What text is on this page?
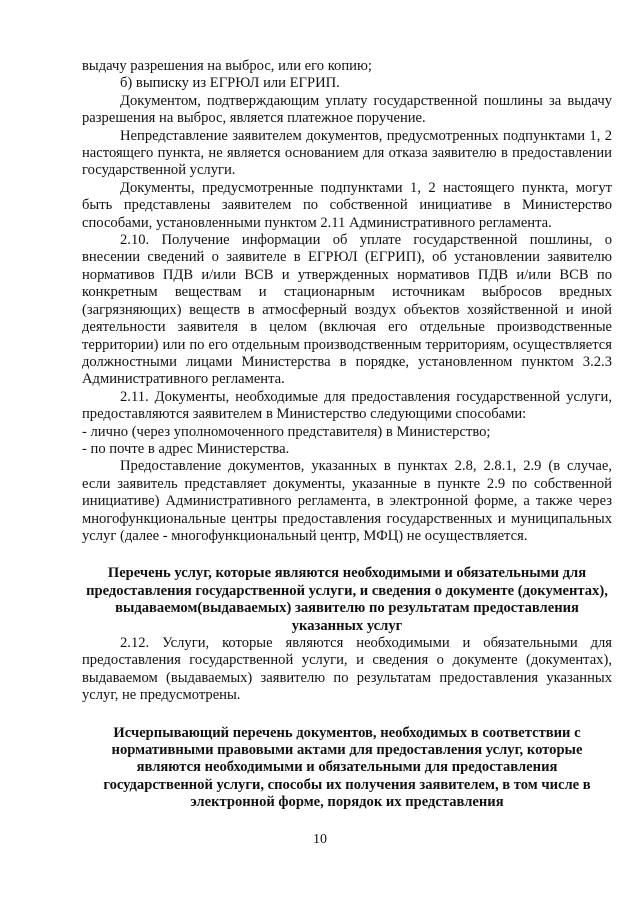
выдачу разрешения на выброс, или его копию;

б) выписку из ЕГРЮЛ или ЕГРИП.

Документом, подтверждающим уплату государственной пошлины за выдачу разрешения на выброс, является платежное поручение.

Непредставление заявителем документов, предусмотренных подпунктами 1, 2 настоящего пункта, не является основанием для отказа заявителю в предоставлении государственной услуги.

Документы, предусмотренные подпунктами 1, 2 настоящего пункта, могут быть представлены заявителем по собственной инициативе в Министерство способами, установленными пунктом 2.11 Административного регламента.

2.10. Получение информации об уплате государственной пошлины, о внесении сведений о заявителе в ЕГРЮЛ (ЕГРИП), об установлении заявителю нормативов ПДВ и/или ВСВ и утвержденных нормативов ПДВ и/или ВСВ по конкретным веществам и стационарным источникам выбросов вредных (загрязняющих) веществ в атмосферный воздух объектов хозяйственной и иной деятельности заявителя в целом (включая его отдельные производственные территории) или по его отдельным производственным территориям, осуществляется должностными лицами Министерства в порядке, установленном пунктом 3.2.3 Административного регламента.

2.11. Документы, необходимые для предоставления государственной услуги, предоставляются заявителем в Министерство следующими способами:

- лично (через уполномоченного представителя) в Министерство;

- по почте в адрес Министерства.

Предоставление документов, указанных в пунктах 2.8, 2.8.1, 2.9 (в случае, если заявитель представляет документы, указанные в пункте 2.9 по собственной инициативе) Административного регламента, в электронной форме, а также через многофункциональные центры предоставления государственных и муниципальных услуг (далее - многофункциональный центр, МФЦ) не осуществляется.

Перечень услуг, которые являются необходимыми и обязательными для предоставления государственной услуги, и сведения о документе (документах), выдаваемом(выдаваемых) заявителю по результатам предоставления указанных услуг

2.12. Услуги, которые являются необходимыми и обязательными для предоставления государственной услуги, и сведения о документе (документах), выдаваемом (выдаваемых) заявителю по результатам предоставления указанных услуг, не предусмотрены.

Исчерпывающий перечень документов, необходимых в соответствии с нормативными правовыми актами для предоставления услуг, которые являются необходимыми и обязательными для предоставления государственной услуги, способы их получения заявителем, в том числе в электронной форме, порядок их представления

10
